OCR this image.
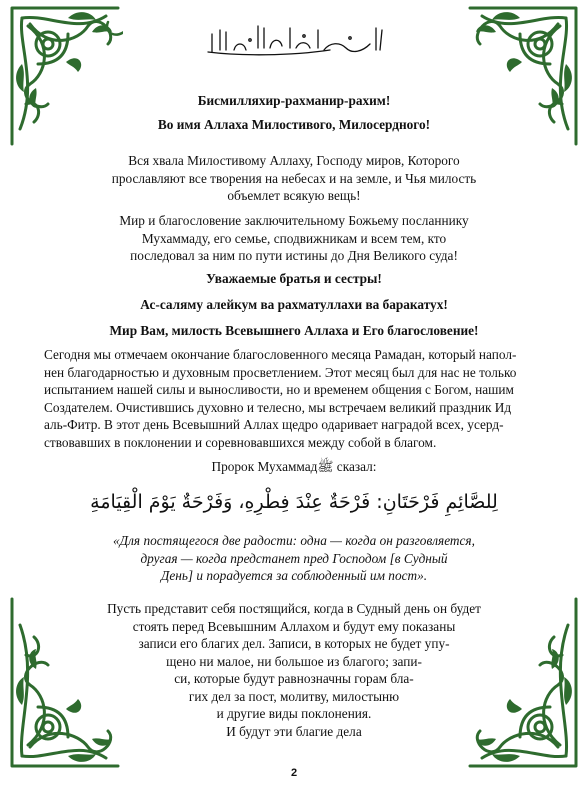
Бисмилляхир-рахманир-рахим!

Во имя Аллаха Милостивого, Милосердного!

Вся хвала Милостивому Аллаху, Господу миров, Которого
прославляют все творения на небесах и на земле, и Чья милость
объемлет всякую вещь!

Мир и благословение заключительному Божьему посланнику
Мухаммаду, его семье, сподвижникам и всем тем, кто
последовал за ним по пути истины до Дня Великого суда!

Уважаемые братья и сестры!

Ас-саляму алейкум ва рахматуллахи ва баракатух!

Мир Вам, милость Всевышнего Аллаха и Его благословение!

Сегодня мы отмечаем окончание благословенного месяца Рамадан, который напол-
нен благодарностью и духовным просветлением. Этот месяц был для нас не только
испытанием нашей силы и выносливости, но и временем общения с Богом, нашим
Создателем. Очистившись духовно и телесно, мы встречаем великий праздник Ид
аль-Фитр. В этот день Всевышний Аллах щедро одаривает наградой всех, усерд-
ствовавших в поклонении и соревновавшихся между собой в благом.

Пророк Мухаммадﷺ сказал:

لِلصَّائِمِ فَرْحَتَانِ: فَرْحَةٌ عِنْدَ فِطْرِهِ، وَفَرْحَةٌ يَوْمَ الْقِيَامَةِ

«Для постящегося две радости: одна — когда он разговляется,
другая — когда предстанет пред Господом [в Судный
День] и порадуется за соблюденный им пост».

Пусть представит себя постящийся, когда в Судный день он будет
стоять перед Всевышним Аллахом и будут ему показаны
записи его благих дел. Записи, в которых не будет упу-
щено ни малое, ни большое из благого; запи-
си, которые будут равнозначны горам бла-
гих дел за пост, молитву, милостыню
и другие виды поклонения.
И будут эти благие дела

2
